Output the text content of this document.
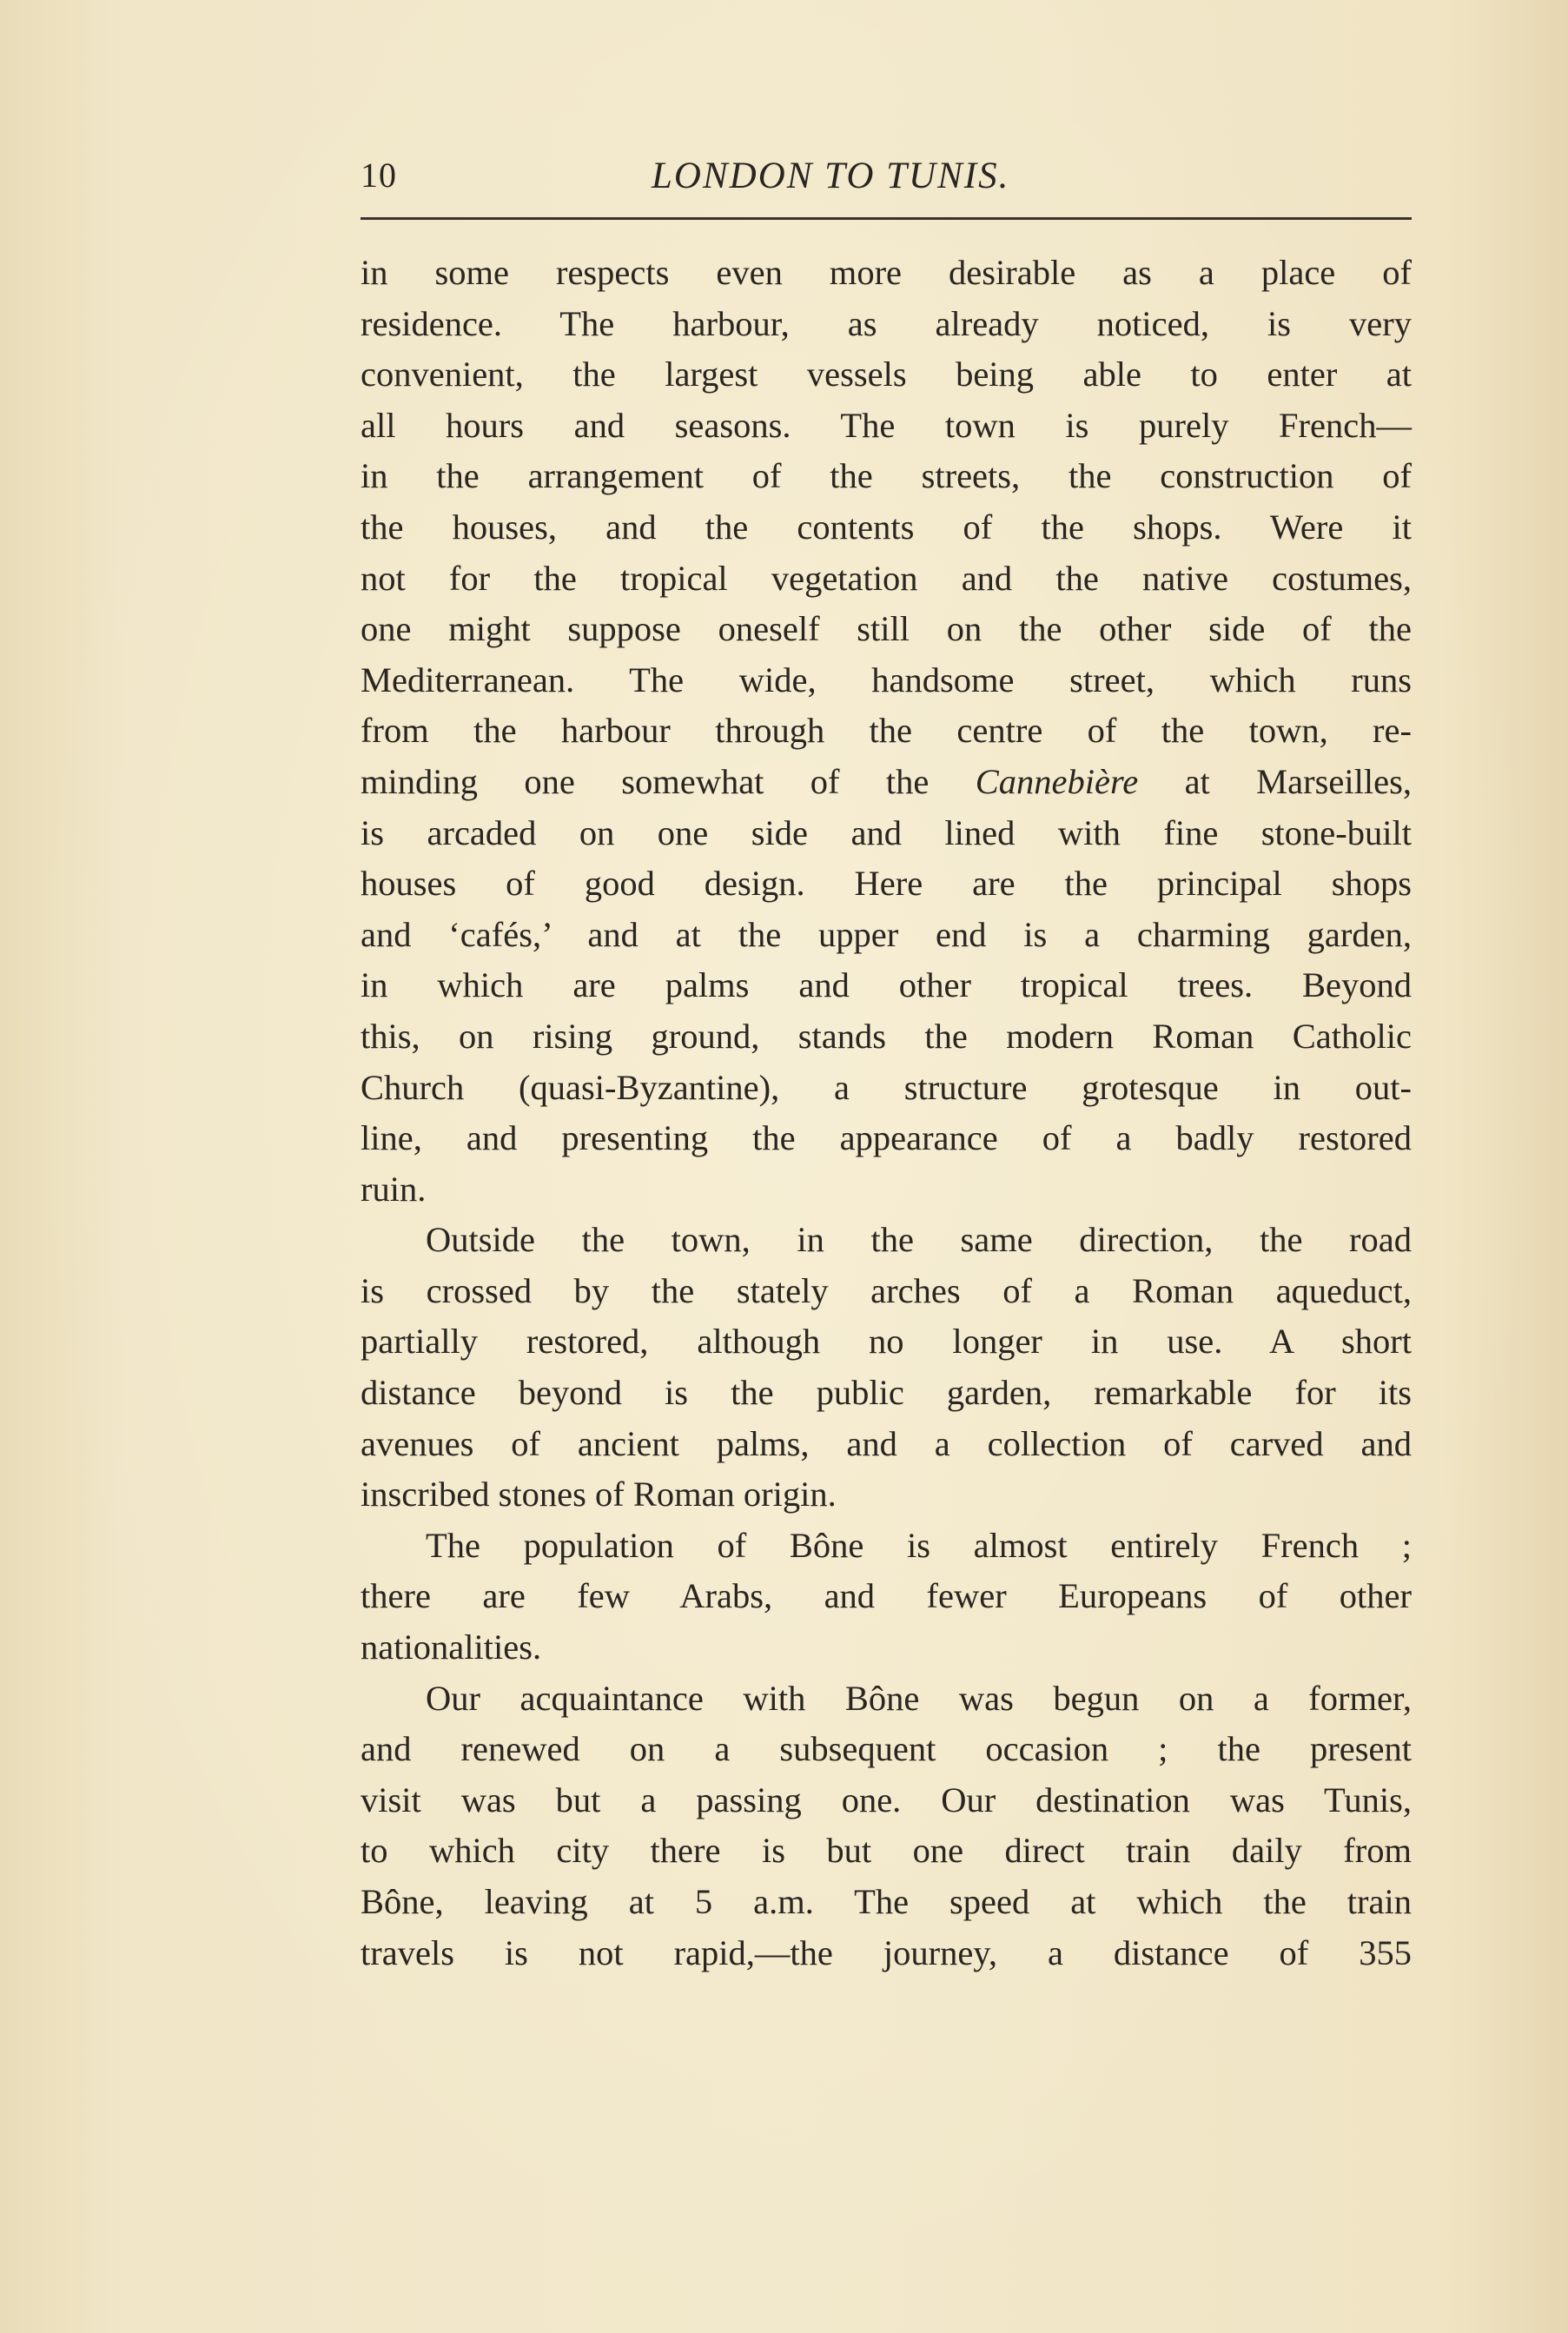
10	LONDON TO TUNIS.
in some respects even more desirable as a place of
residence. The harbour, as already noticed, is very
convenient, the largest vessels being able to enter at
all hours and seasons. The town is purely French—
in the arrangement of the streets, the construction of
the houses, and the contents of the shops. Were it
not for the tropical vegetation and the native costumes,
one might suppose oneself still on the other side of the
Mediterranean. The wide, handsome street, which runs
from the harbour through the centre of the town, re-
minding one somewhat of the Cannebière at Marseilles,
is arcaded on one side and lined with fine stone-built
houses of good design. Here are the principal shops
and ‘cafés,’ and at the upper end is a charming garden,
in which are palms and other tropical trees. Beyond
this, on rising ground, stands the modern Roman Catholic
Church (quasi-Byzantine), a structure grotesque in out-
line, and presenting the appearance of a badly restored
ruin.
Outside the town, in the same direction, the road
is crossed by the stately arches of a Roman aqueduct,
partially restored, although no longer in use. A short
distance beyond is the public garden, remarkable for its
avenues of ancient palms, and a collection of carved and
inscribed stones of Roman origin.
The population of Bône is almost entirely French ;
there are few Arabs, and fewer Europeans of other
nationalities.
Our acquaintance with Bône was begun on a former,
and renewed on a subsequent occasion ; the present
visit was but a passing one. Our destination was Tunis,
to which city there is but one direct train daily from
Bône, leaving at 5 a.m. The speed at which the train
travels is not rapid,—the journey, a distance of 355
